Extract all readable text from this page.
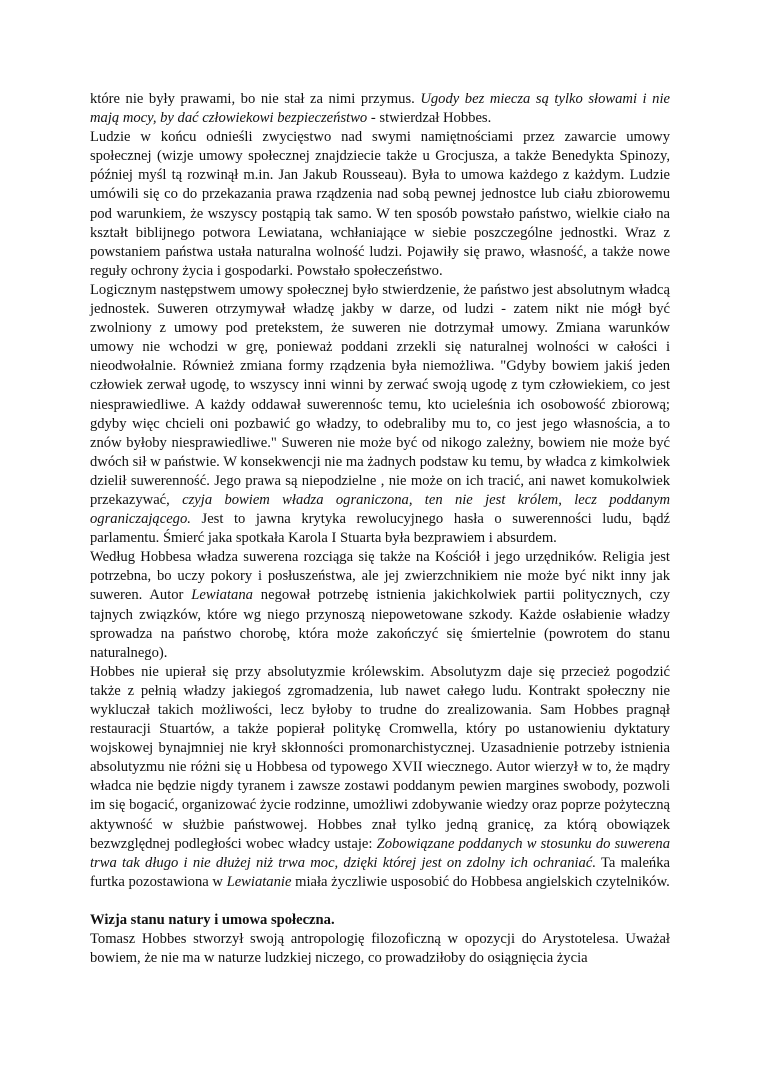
które nie były prawami, bo nie stał za nimi przymus. Ugody bez miecza są tylko słowami i nie mają mocy, by dać człowiekowi bezpieczeństwo - stwierdzał Hobbes.

Ludzie w końcu odnieśli zwycięstwo nad swymi namiętnościami przez zawarcie umowy społecznej (wizje umowy społecznej znajdziecie także u Grocjusza, a także Benedykta Spinozy, później myśl tą rozwinął m.in. Jan Jakub Rousseau). Była to umowa każdego z każdym. Ludzie umówili się co do przekazania prawa rządzenia nad sobą pewnej jednostce lub ciału zbiorowemu pod warunkiem, że wszyscy postąpią tak samo. W ten sposób powstało państwo, wielkie ciało na kształt biblijnego potwora Lewiatana, wchłaniające w siebie poszczególne jednostki. Wraz z powstaniem państwa ustała naturalna wolność ludzi. Pojawiły się prawo, własność, a także nowe reguły ochrony życia i gospodarki. Powstało społeczeństwo.

Logicznym następstwem umowy społecznej było stwierdzenie, że państwo jest absolutnym władcą jednostek. Suweren otrzymywał władzę jakby w darze, od ludzi - zatem nikt nie mógł być zwolniony z umowy pod pretekstem, że suweren nie dotrzymał umowy. Zmiana warunków umowy nie wchodzi w grę, ponieważ poddani zrzekli się naturalnej wolności w całości i nieodwołalnie. Również zmiana formy rządzenia była niemożliwa. "Gdyby bowiem jakiś jeden człowiek zerwał ugodę, to wszyscy inni winni by zerwać swoją ugodę z tym człowiekiem, co jest niesprawiedliwe. A każdy oddawał suwerennośc temu, kto ucieleśnia ich osobowość zbiorową; gdyby więc chcieli oni pozbawić go władzy, to odebraliby mu to, co jest jego własnościa, a to znów byłoby niesprawiedliwe." Suweren nie może być od nikogo zależny, bowiem nie może być dwóch sił w państwie. W konsekwencji nie ma żadnych podstaw ku temu, by władca z kimkolwiek dzielił suwerenność. Jego prawa są niepodzielne , nie może on ich tracić, ani nawet komukolwiek przekazywać, czyja bowiem władza ograniczona, ten nie jest królem, lecz poddanym ograniczającego. Jest to jawna krytyka rewolucyjnego hasła o suwerenności ludu, bądź parlamentu. Śmierć jaka spotkała Karola I Stuarta była bezprawiem i absurdem.

Według Hobbesa władza suwerena rozciąga się także na Kościół i jego urzędników. Religia jest potrzebna, bo uczy pokory i posłuszeństwa, ale jej zwierzchnikiem nie może być nikt inny jak suweren. Autor Lewiatana negował potrzebę istnienia jakichkolwiek partii politycznych, czy tajnych związków, które wg niego przynoszą niepowetowane szkody. Każde osłabienie władzy sprowadza na państwo chorobę, która może zakończyć się śmiertelnie (powrotem do stanu naturalnego).

Hobbes nie upierał się przy absolutyzmie królewskim. Absolutyzm daje się przecież pogodzić także z pełnią władzy jakiegoś zgromadzenia, lub nawet całego ludu. Kontrakt społeczny nie wykluczał takich możliwości, lecz byłoby to trudne do zrealizowania. Sam Hobbes pragnął restauracji Stuartów, a także popierał politykę Cromwella, który po ustanowieniu dyktatury wojskowej bynajmniej nie krył skłonności promonarchistycznej. Uzasadnienie potrzeby istnienia absolutyzmu nie różni się u Hobbesa od typowego XVII wiecznego. Autor wierzył w to, że mądry władca nie będzie nigdy tyranem i zawsze zostawi poddanym pewien margines swobody, pozwoli im się bogacić, organizować życie rodzinne, umożliwi zdobywanie wiedzy oraz poprze pożyteczną aktywność w służbie państwowej. Hobbes znał tylko jedną granicę, za którą obowiązek bezwzględnej podległości wobec władcy ustaje: Zobowiązane poddanych w stosunku do suwerena trwa tak długo i nie dłużej niż trwa moc, dzięki której jest on zdolny ich ochraniać. Ta maleńka furtka pozostawiona w Lewiatanie miała życzliwie usposobić do Hobbesa angielskich czytelników.

Wizja stanu natury i umowa społeczna.

Tomasz Hobbes stworzył swoją antropologię filozoficzną w opozycji do Arystotelesa. Uważał bowiem, że nie ma w naturze ludzkiej niczego, co prowadziłoby do osiągnięcia życia
